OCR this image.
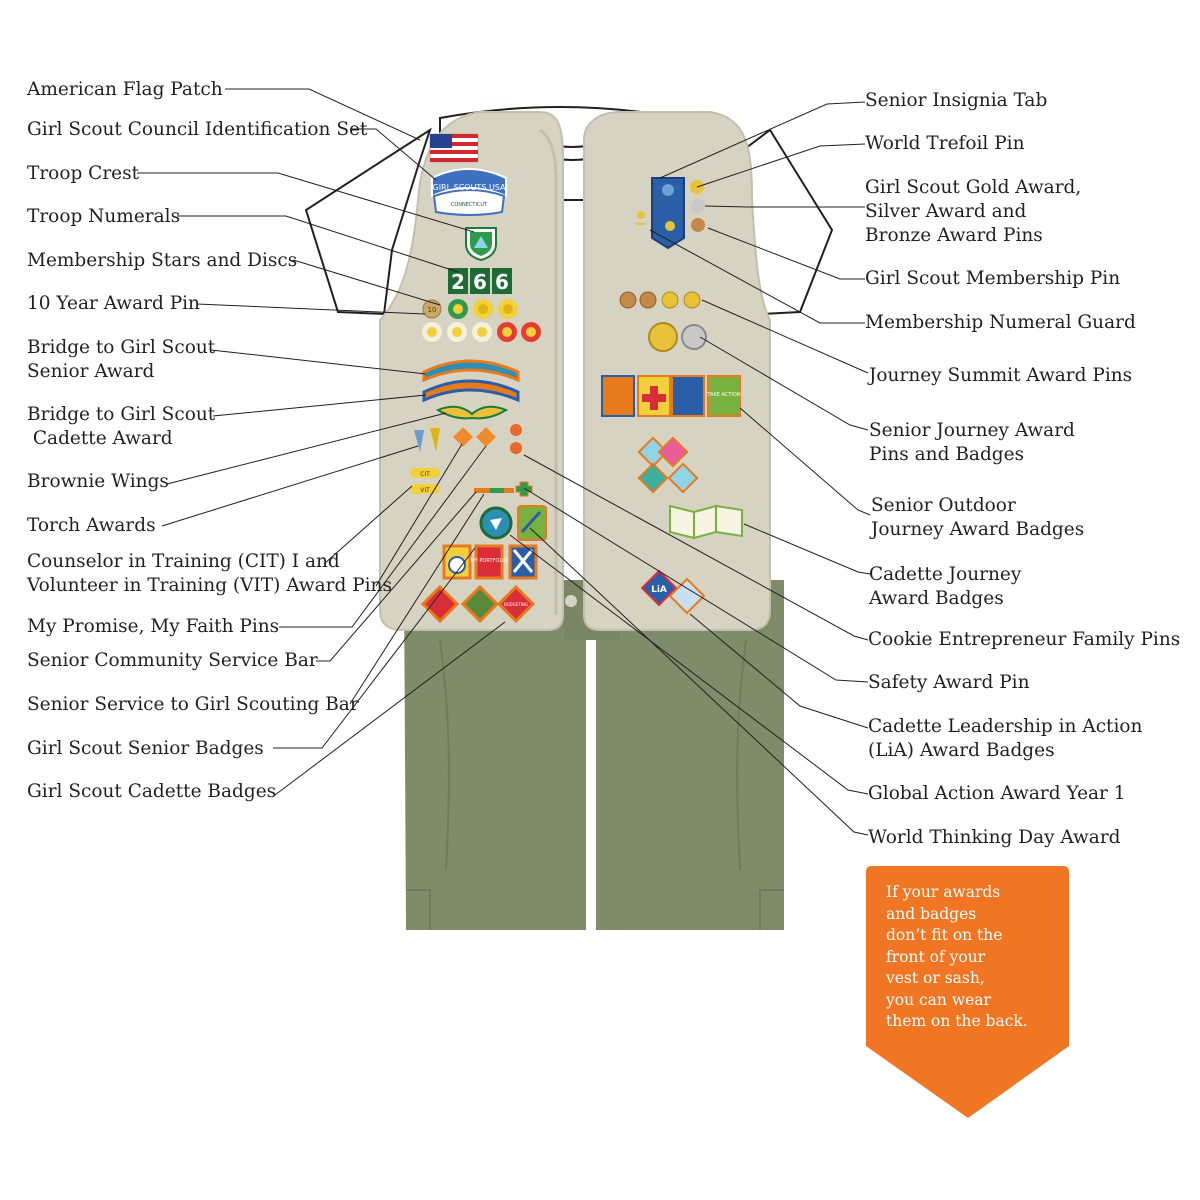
GIRL SCOUTS USA
CONNECTICUT
2 6 6
10
CIT
VIT
MY PORTFOLIO
BUDGETING
TAKE ACTION
LiA
American Flag Patch
Girl Scout Council Identification Set
Troop Crest
Troop Numerals
Membership Stars and Discs
10 Year Award Pin
Bridge to Girl Scout
Senior Award
Bridge to Girl Scout
Cadette Award
Brownie Wings
Torch Awards
Counselor in Training (CIT) I and
Volunteer in Training (VIT) Award Pins
My Promise, My Faith Pins
Senior Community Service Bar
Senior Service to Girl Scouting Bar
Girl Scout Senior Badges
Girl Scout Cadette Badges
Senior Insignia Tab
World Trefoil Pin
Girl Scout Gold Award,
Silver Award and
Bronze Award Pins
Girl Scout Membership Pin
Membership Numeral Guard
Journey Summit Award Pins
Senior Journey Award
Pins and Badges
Senior Outdoor
Journey Award Badges
Cadette Journey
Award Badges
Cookie Entrepreneur Family Pins
Safety Award Pin
Cadette Leadership in Action
(LiA) Award Badges
Global Action Award Year 1
World Thinking Day Award
If your awards
and badges
don’t fit on the
front of your
vest or sash,
you can wear
them on the back.
